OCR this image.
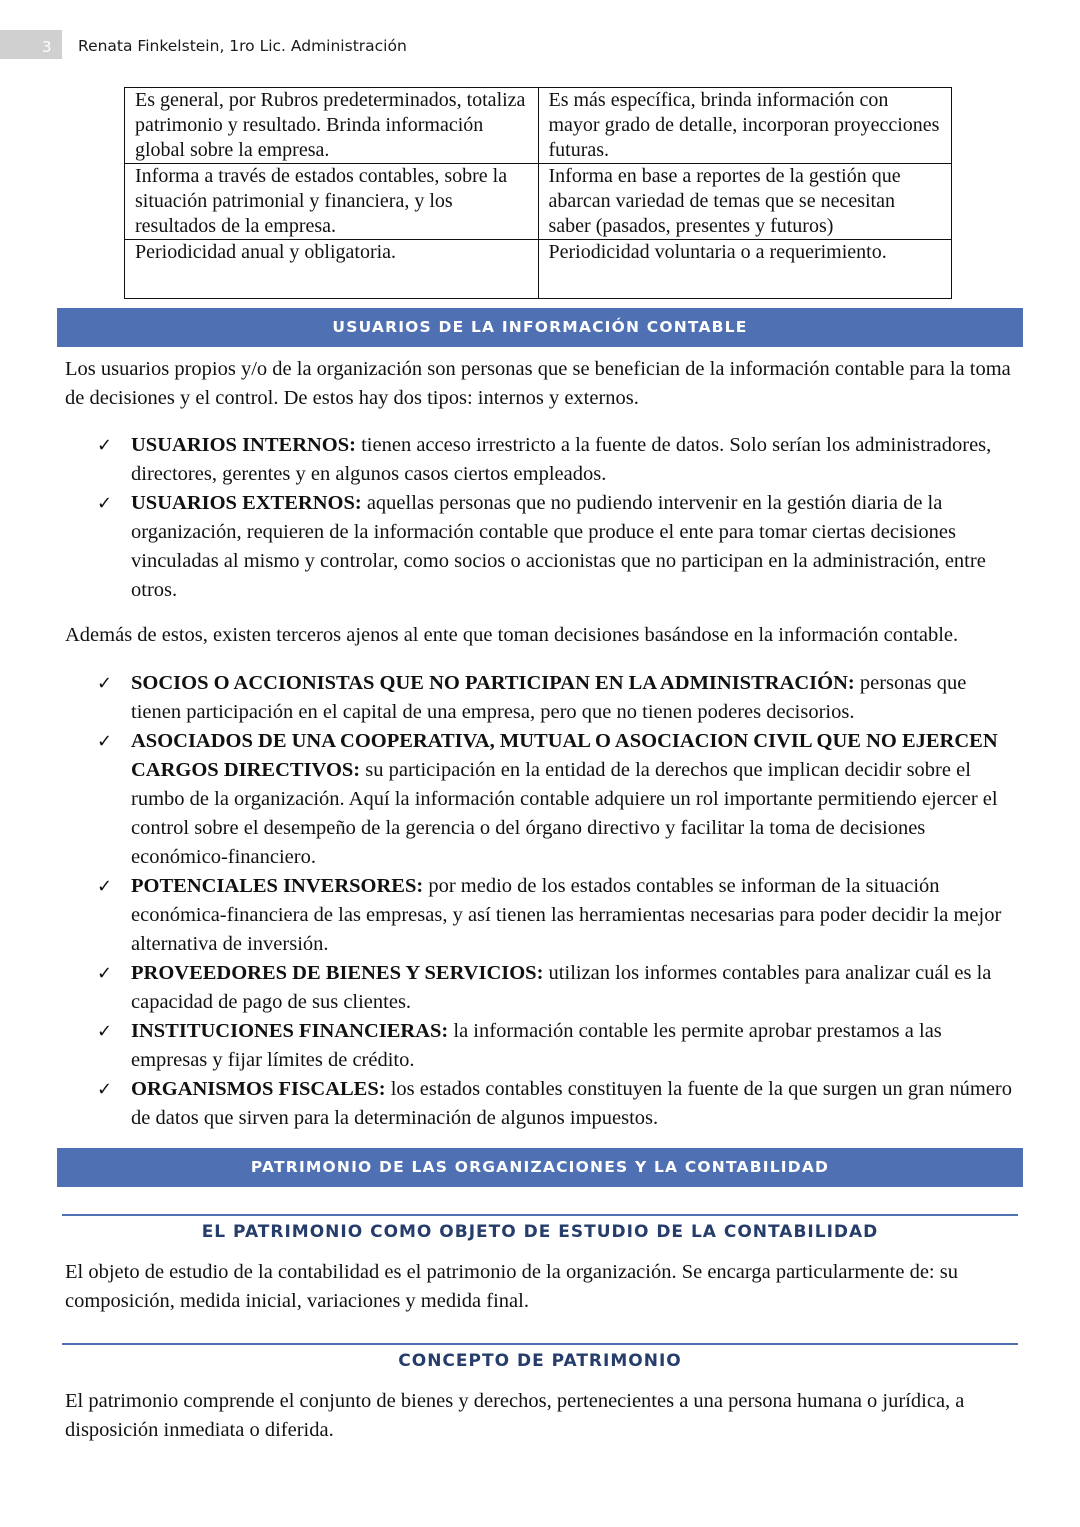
3 Renata Finkelstein, 1ro Lic. Administración
Es general, por Rubros predeterminados, totaliza patrimonio y resultado. Brinda información global sobre la empresa.	Es más específica, brinda información con mayor grado de detalle, incorporan proyecciones futuras.
Informa a través de estados contables, sobre la situación patrimonial y financiera, y los resultados de la empresa.	Informa en base a reportes de la gestión que abarcan variedad de temas que se necesitan saber (pasados, presentes y futuros)
Periodicidad anual y obligatoria.	Periodicidad voluntaria o a requerimiento.
USUARIOS DE LA INFORMACIÓN CONTABLE
Los usuarios propios y/o de la organización son personas que se benefician de la información contable para la toma de decisiones y el control. De estos hay dos tipos: internos y externos.
✓ USUARIOS INTERNOS: tienen acceso irrestricto a la fuente de datos. Solo serían los administradores, directores, gerentes y en algunos casos ciertos empleados.
✓ USUARIOS EXTERNOS: aquellas personas que no pudiendo intervenir en la gestión diaria de la organización, requieren de la información contable que produce el ente para tomar ciertas decisiones vinculadas al mismo y controlar, como socios o accionistas que no participan en la administración, entre otros.
Además de estos, existen terceros ajenos al ente que toman decisiones basándose en la información contable.
✓ SOCIOS O ACCIONISTAS QUE NO PARTICIPAN EN LA ADMINISTRACIÓN: personas que tienen participación en el capital de una empresa, pero que no tienen poderes decisorios.
✓ ASOCIADOS DE UNA COOPERATIVA, MUTUAL O ASOCIACION CIVIL QUE NO EJERCEN CARGOS DIRECTIVOS: su participación en la entidad de la derechos que implican decidir sobre el rumbo de la organización. Aquí la información contable adquiere un rol importante permitiendo ejercer el control sobre el desempeño de la gerencia o del órgano directivo y facilitar la toma de decisiones económico-financiero.
✓ POTENCIALES INVERSORES: por medio de los estados contables se informan de la situación económica-financiera de las empresas, y así tienen las herramientas necesarias para poder decidir la mejor alternativa de inversión.
✓ PROVEEDORES DE BIENES Y SERVICIOS: utilizan los informes contables para analizar cuál es la capacidad de pago de sus clientes.
✓ INSTITUCIONES FINANCIERAS: la información contable les permite aprobar prestamos a las empresas y fijar límites de crédito.
✓ ORGANISMOS FISCALES: los estados contables constituyen la fuente de la que surgen un gran número de datos que sirven para la determinación de algunos impuestos.
PATRIMONIO DE LAS ORGANIZACIONES Y LA CONTABILIDAD
EL PATRIMONIO COMO OBJETO DE ESTUDIO DE LA CONTABILIDAD
El objeto de estudio de la contabilidad es el patrimonio de la organización. Se encarga particularmente de: su composición, medida inicial, variaciones y medida final.
CONCEPTO DE PATRIMONIO
El patrimonio comprende el conjunto de bienes y derechos, pertenecientes a una persona humana o jurídica, a disposición inmediata o diferida.
